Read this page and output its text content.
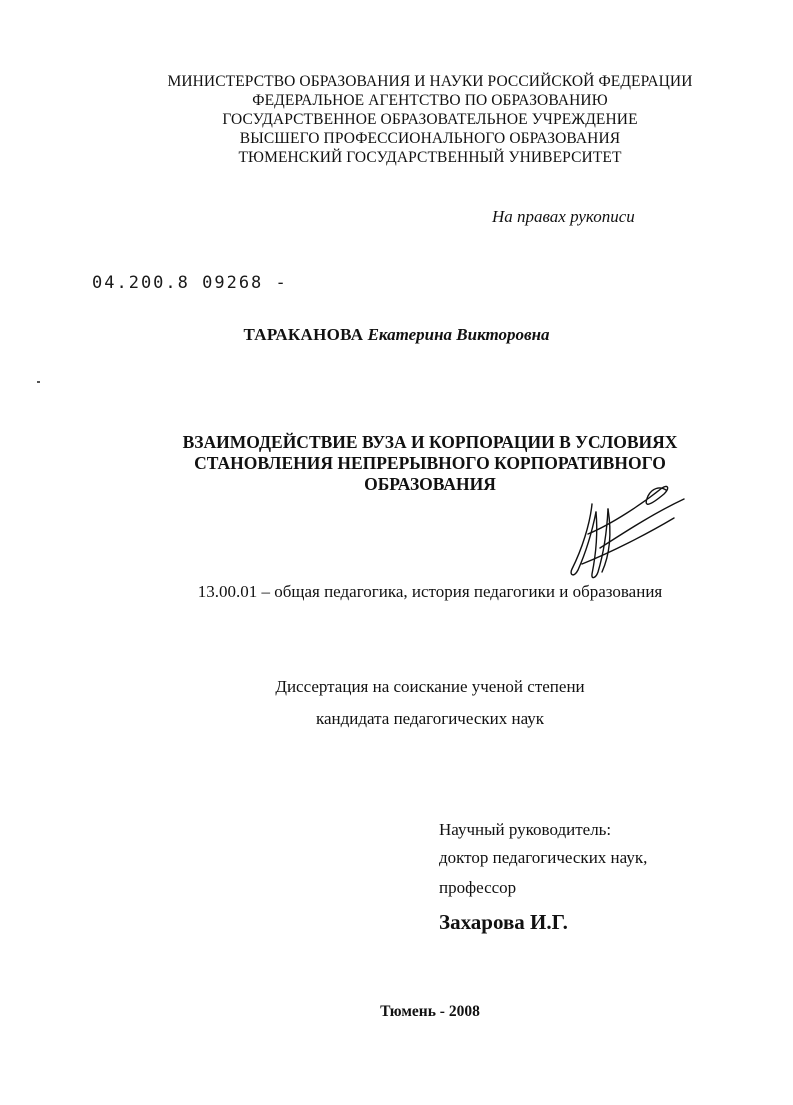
МИНИСТЕРСТВО ОБРАЗОВАНИЯ И НАУКИ РОССИЙСКОЙ ФЕДЕРАЦИИ
ФЕДЕРАЛЬНОЕ АГЕНТСТВО ПО ОБРАЗОВАНИЮ
ГОСУДАРСТВЕННОЕ ОБРАЗОВАТЕЛЬНОЕ УЧРЕЖДЕНИЕ
ВЫСШЕГО ПРОФЕССИОНАЛЬНОГО ОБРАЗОВАНИЯ
ТЮМЕНСКИЙ ГОСУДАРСТВЕННЫЙ УНИВЕРСИТЕТ
На правах рукописи
04.200.8 09268 -
ТАРАКАНОВА Екатерина Викторовна
ВЗАИМОДЕЙСТВИЕ ВУЗА И КОРПОРАЦИИ В УСЛОВИЯХ
СТАНОВЛЕНИЯ НЕПРЕРЫВНОГО КОРПОРАТИВНОГО
ОБРАЗОВАНИЯ
13.00.01 – общая педагогика, история педагогики и образования
Диссертация на соискание ученой степени
кандидата педагогических наук
Научный руководитель:
доктор педагогических наук,
профессор
Захарова И.Г.
Тюмень - 2008
